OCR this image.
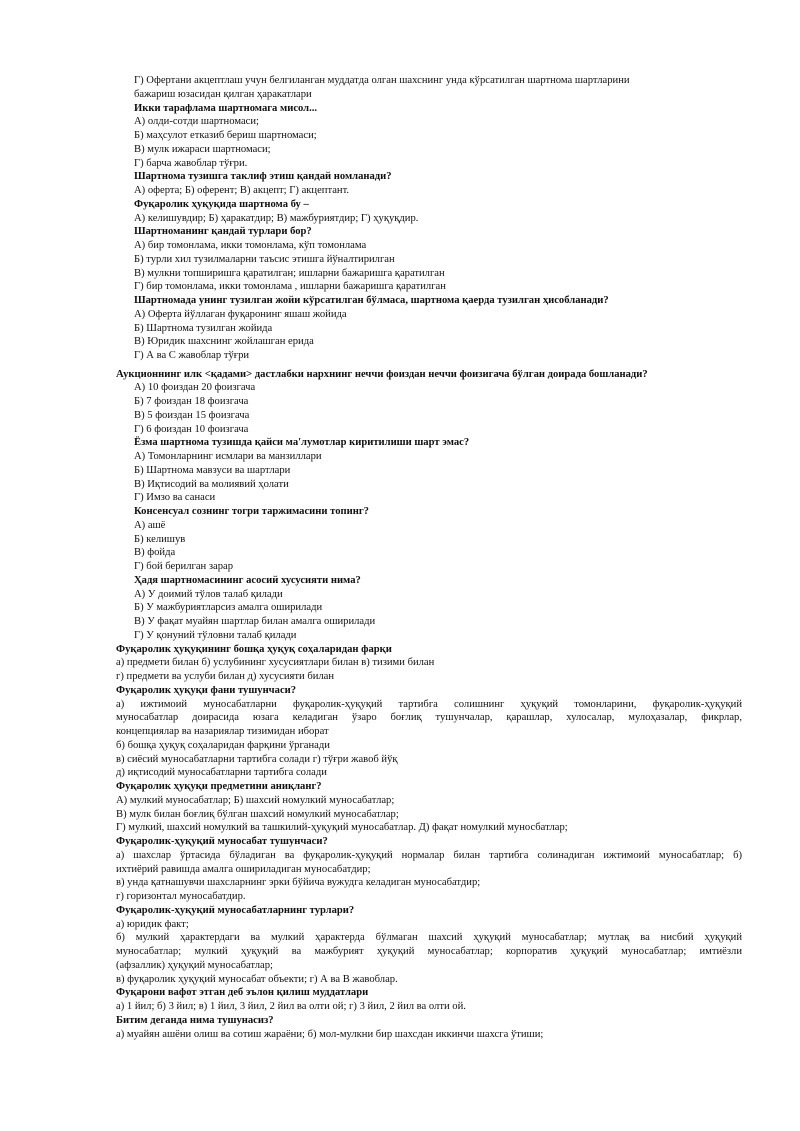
Г) Офертани акцептлаш учун белгиланган муддатда олган шахснинг унда кўрсатилган шартнома шартларини
бажариш юзасидан қилган ҳаракатлари
Икки тарафлама шартномага мисол...
А) олди-сотди шартномаси;
Б) маҳсулот етказиб бериш шартномаси;
В) мулк ижараси шартномаси;
Г) барча жавоблар тўғри.
Шартнома тузишга таклиф этиш қандай номланади?
А) оферта; Б) оферент; В) акцепт; Г) акцептант.
Фуқаролик ҳуқуқида шартнома бу –
А) келишувдир; Б) ҳаракатдир; В) мажбуриятдир; Г) ҳуқуқдир.
Шартноманинг қандай турлари бор?
А) бир томонлама, икки томонлама, кўп томонлама
Б) турли хил тузилмаларни таъсис этишга йўналтирилган
В) мулкни топширишга қаратилган; ишларни бажаришга қаратилган
Г) бир томонлама, икки томонлама , ишларни бажаришга қаратилган
Шартномада унинг тузилган жойи кўрсатилган бўлмаса, шартнома қаерда тузилган ҳисобланади?
А) Оферта йўллаган фуқаронинг яшаш жойида
Б) Шартнома тузилган жойида
В) Юридик шахснинг жойлашган ерида
Г) А ва С жавоблар тўғри
Аукционнинг илк <қадами> дастлабки нархнинг неччи фоиздан неччи фоизигача бўлган доирада бошланади?
А) 10 фоиздан 20 фоизгача
Б) 7 фоиздан 18 фоизгача
В) 5 фоиздан 15 фоизгача
Г) 6 фоиздан 10 фоизгача
Ёзма шартнома тузишда қайси ма'лумотлар киритилиши шарт эмас?
А) Томонларнинг исмлари ва манзиллари
Б) Шартнома мавзуси ва шартлари
В) Иқтисодий ва молиявий ҳолати
Г) Имзо ва санаси
Консенсуал сознинг тогри таржимасини топинг?
А) ашё
Б) келишув
В) фойда
Г) бой берилган зарар
Ҳадя шартномасининг асосий хусусияти нима?
А) У доимий тўлов талаб қилади
Б) У мажбуриятларсиз амалга оширилади
В) У фақат муайян шартлар билан амалга оширилади
Г) У қонуний тўловни талаб қилади
Фуқаролик ҳуқуқининг бошқа ҳуқуқ соҳаларидан фарқи
а) предмети билан б) услубининг хусусиятлари билан в) тизими билан
г) предмети ва услуби билан д) хусусияти билан
Фуқаролик ҳуқуқи фани тушунчаси?
а) ижтимоий муносабатларни фуқаролик-ҳуқуқий тартибга солишнинг ҳуқуқий томонларини, фуқаролик-ҳуқуқий
муносабатлар доирасида юзага келадиган ўзаро боғлиқ тушунчалар, қарашлар, хулосалар, мулоҳазалар, фикрлар,
концепциялар ва назариялар тизимидан иборат
б) бошқа ҳуқуқ соҳаларидан фарқини ўрганади
в) сиёсий муносабатларни тартибга солади г) тўғри жавоб йўқ
д) иқтисодий муносабатларни тартибга солади
Фуқаролик ҳуқуқи предметини аниқланг?
А) мулкий муносабатлар; Б) шахсий номулкий муносабатлар;
В) мулк билан боғлиқ бўлган шахсий номулкий муносабатлар;
Г) мулкий, шахсий номулкий ва ташкилий-ҳуқуқий муносабатлар. Д) фақат номулкий муносбатлар;
Фуқаролик-ҳуқуқий муносабат тушунчаси?
а) шахслар ўртасида бўладиган ва фуқаролик-ҳуқуқий нормалар билан тартибга солинадиган ижтимоий муносабатлар; б)
ихтиёрий равишда амалга ошириладиган муносабатдир;
в) унда қатнашувчи шахсларнинг эрки бўйича вужудга келадиган муносабатдир;
г) горизонтал муносабатдир.
Фуқаролик-ҳуқуқий муносабатларнинг турлари?
а) юридик факт;
б) мулкий ҳарактердаги ва мулкий ҳарактерда бўлмаган шахсий ҳуқуқий муносабатлар; мутлақ ва нисбий ҳуқуқий
муносабатлар; мулкий ҳуқуқий ва мажбурият ҳуқуқий муносабатлар; корпоратив ҳуқуқий муносабатлар; имтиёзли
(афзаллик) ҳуқуқий муносабатлар;
в) фуқаролик ҳуқуқий муносабат объекти; г) А ва В жавоблар.
Фуқарони вафот этган деб эълон қилиш муддатлари
а) 1 йил; б) 3 йил; в) 1 йил, 3 йил, 2 йил ва олти ой; г) 3 йил, 2 йил ва олти ой.
Битим деганда нима тушунасиз?
а) муайян ашёни олиш ва сотиш жараёни; б) мол-мулкни бир шахсдан иккинчи шахсга ўтиши;
